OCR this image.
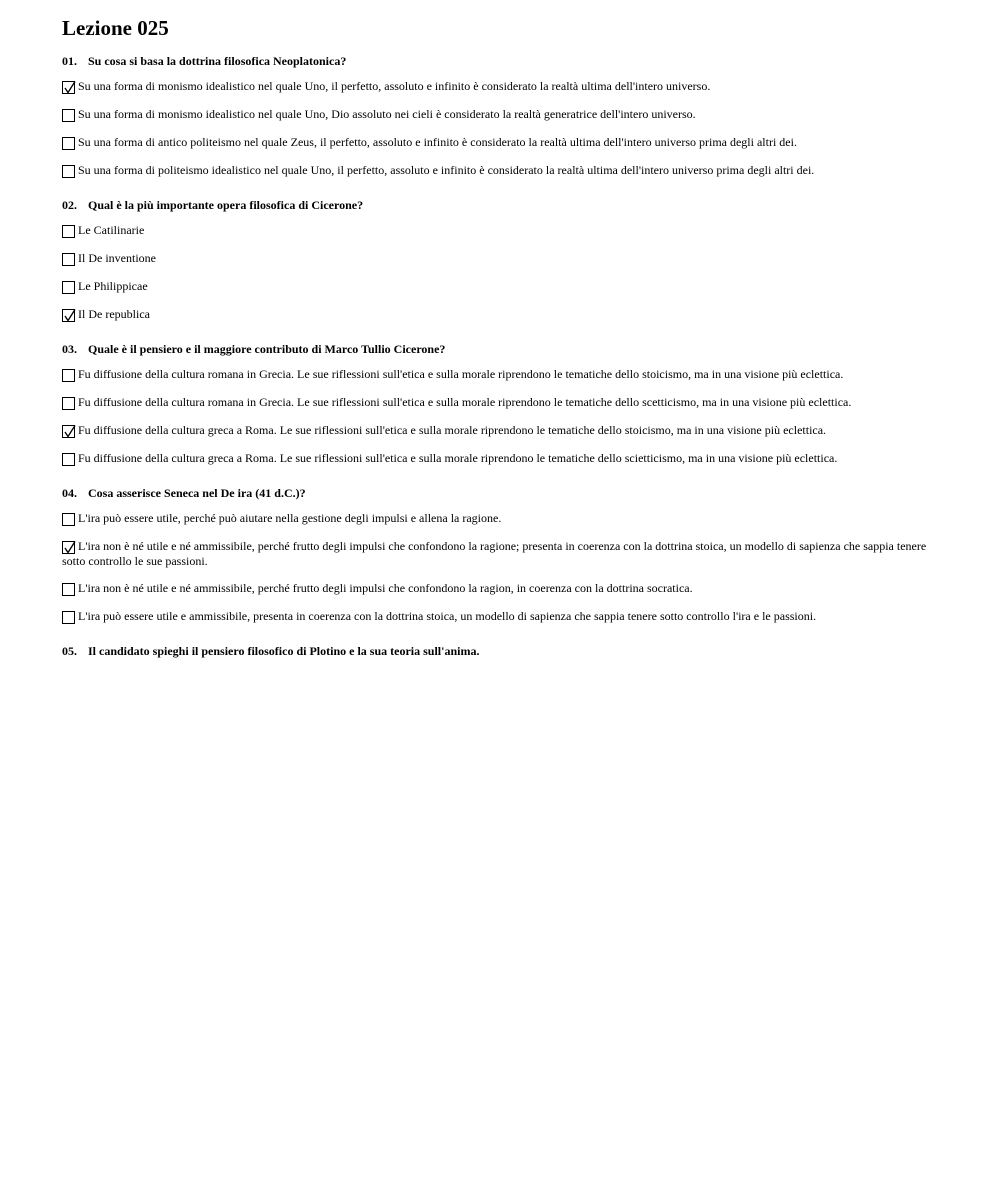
Lezione 025
01. Su cosa si basa la dottrina filosofica Neoplatonica?
Su una forma di monismo idealistico nel quale Uno, il perfetto, assoluto e infinito è considerato la realtà ultima dell'intero universo.
Su una forma di monismo idealistico nel quale Uno, Dio assoluto nei cieli è considerato la realtà generatrice dell'intero universo.
Su una forma di antico politeismo nel quale Zeus, il perfetto, assoluto e infinito è considerato la realtà ultima dell'intero universo prima degli altri dei.
Su una forma di politeismo idealistico nel quale Uno, il perfetto, assoluto e infinito è considerato la realtà ultima dell'intero universo prima degli altri dei.
02. Qual è la più importante opera filosofica di Cicerone?
Le Catilinarie
Il De inventione
Le Philippicae
Il De republica
03. Quale è il pensiero e il maggiore contributo di Marco Tullio Cicerone?
Fu diffusione della cultura romana in Grecia. Le sue riflessioni sull'etica e sulla morale riprendono le tematiche dello stoicismo, ma in una visione più eclettica.
Fu diffusione della cultura romana in Grecia. Le sue riflessioni sull'etica e sulla morale riprendono le tematiche dello scetticismo, ma in una visione più eclettica.
Fu diffusione della cultura greca a Roma. Le sue riflessioni sull'etica e sulla morale riprendono le tematiche dello stoicismo, ma in una visione più eclettica.
Fu diffusione della cultura greca a Roma. Le sue riflessioni sull'etica e sulla morale riprendono le tematiche dello scietticismo, ma in una visione più eclettica.
04. Cosa asserisce Seneca nel De ira (41 d.C.)?
L'ira può essere utile, perché può aiutare nella gestione degli impulsi e allena la ragione.
L'ira non è né utile e né ammissibile, perché frutto degli impulsi che confondono la ragione; presenta in coerenza con la dottrina stoica, un modello di sapienza che sappia tenere sotto controllo le sue passioni.
L'ira non è né utile e né ammissibile, perché frutto degli impulsi che confondono la ragion, in coerenza con la dottrina socratica.
L'ira può essere utile e ammissibile, presenta in coerenza con la dottrina stoica, un modello di sapienza che sappia tenere sotto controllo l'ira e le passioni.
05. Il candidato spieghi il pensiero filosofico di Plotino e la sua teoria sull'anima.
